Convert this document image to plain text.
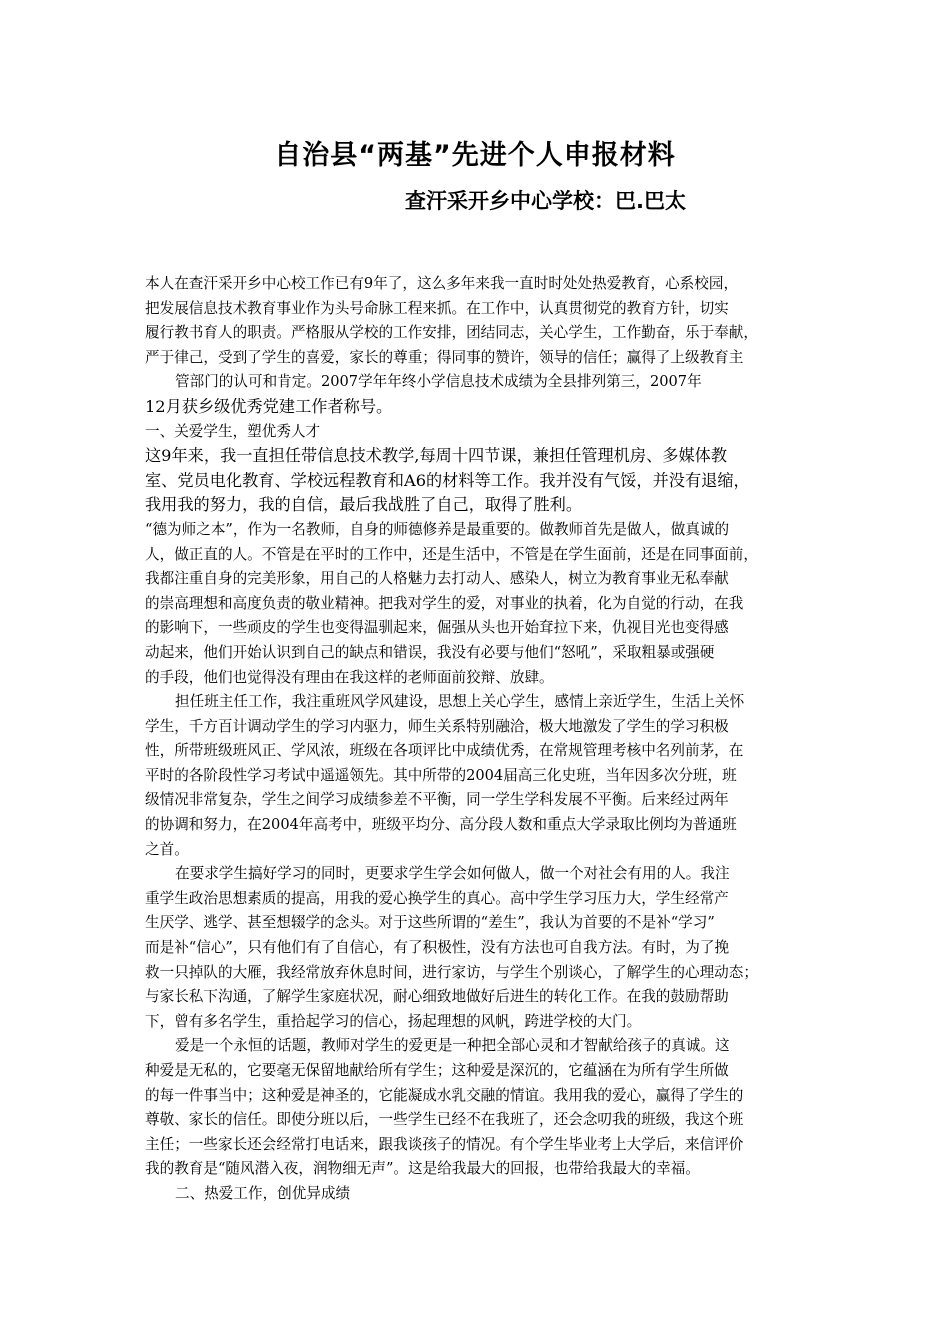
自治县“两基”先进个人申报材料
查汗采开乡中心学校：巴.巴太
本人在查汗采开乡中心校工作已有9年了，这么多年来我一直时时处处热爱教育，心系校园，
把发展信息技术教育事业作为头号命脉工程来抓。在工作中，认真贯彻党的教育方针，切实
履行教书育人的职责。严格服从学校的工作安排，团结同志，关心学生，工作勤奋，乐于奉献，
严于律己，受到了学生的喜爱，家长的尊重；得同事的赞许，领导的信任；赢得了上级教育主
管部门的认可和肯定。2007学年年终小学信息技术成绩为全县排列第三，2007年
12月获乡级优秀党建工作者称号。
一、关爱学生，塑优秀人才
这9年来，我一直担任带信息技术教学,每周十四节课，兼担任管理机房、多媒体教
室、党员电化教育、学校远程教育和A6的材料等工作。我并没有气馁，并没有退缩，
我用我的努力，我的自信，最后我战胜了自己，取得了胜利。
“德为师之本”，作为一名教师，自身的师德修养是最重要的。做教师首先是做人，做真诚的
人，做正直的人。不管是在平时的工作中，还是生活中，不管是在学生面前，还是在同事面前，
我都注重自身的完美形象，用自己的人格魅力去打动人、感染人，树立为教育事业无私奉献
的崇高理想和高度负责的敬业精神。把我对学生的爱，对事业的执着，化为自觉的行动，在我
的影响下，一些顽皮的学生也变得温驯起来，倔强从头也开始耷拉下来，仇视目光也变得感
动起来，他们开始认识到自己的缺点和错误，我没有必要与他们“怒吼”，采取粗暴或强硬
的手段，他们也觉得没有理由在我这样的老师面前狡辩、放肆。
担任班主任工作，我注重班风学风建设，思想上关心学生，感情上亲近学生，生活上关怀
学生，千方百计调动学生的学习内驱力，师生关系特别融洽，极大地激发了学生的学习积极
性，所带班级班风正、学风浓，班级在各项评比中成绩优秀，在常规管理考核中名列前茅，在
平时的各阶段性学习考试中遥遥领先。其中所带的2004届高三化史班，当年因多次分班，班
级情况非常复杂，学生之间学习成绩参差不平衡，同一学生学科发展不平衡。后来经过两年
的协调和努力，在2004年高考中，班级平均分、高分段人数和重点大学录取比例均为普通班
之首。
在要求学生搞好学习的同时，更要求学生学会如何做人，做一个对社会有用的人。我注
重学生政治思想素质的提高，用我的爱心换学生的真心。高中学生学习压力大，学生经常产
生厌学、逃学、甚至想辍学的念头。对于这些所谓的“差生”，我认为首要的不是补“学习”
而是补“信心”，只有他们有了自信心，有了积极性，没有方法也可自我方法。有时，为了挽
救一只掉队的大雁，我经常放弃休息时间，进行家访，与学生个别谈心，了解学生的心理动态；
与家长私下沟通，了解学生家庭状况，耐心细致地做好后进生的转化工作。在我的鼓励帮助
下，曾有多名学生，重拾起学习的信心，扬起理想的风帆，跨进学校的大门。
爱是一个永恒的话题，教师对学生的爱更是一种把全部心灵和才智献给孩子的真诚。这
种爱是无私的，它要毫无保留地献给所有学生；这种爱是深沉的，它蕴涵在为所有学生所做
的每一件事当中；这种爱是神圣的，它能凝成水乳交融的情谊。我用我的爱心，赢得了学生的
尊敬、家长的信任。即使分班以后，一些学生已经不在我班了，还会念叨我的班级，我这个班
主任；一些家长还会经常打电话来，跟我谈孩子的情况。有个学生毕业考上大学后，来信评价
我的教育是“随风潜入夜，润物细无声”。这是给我最大的回报，也带给我最大的幸福。
二、热爱工作，创优异成绩
